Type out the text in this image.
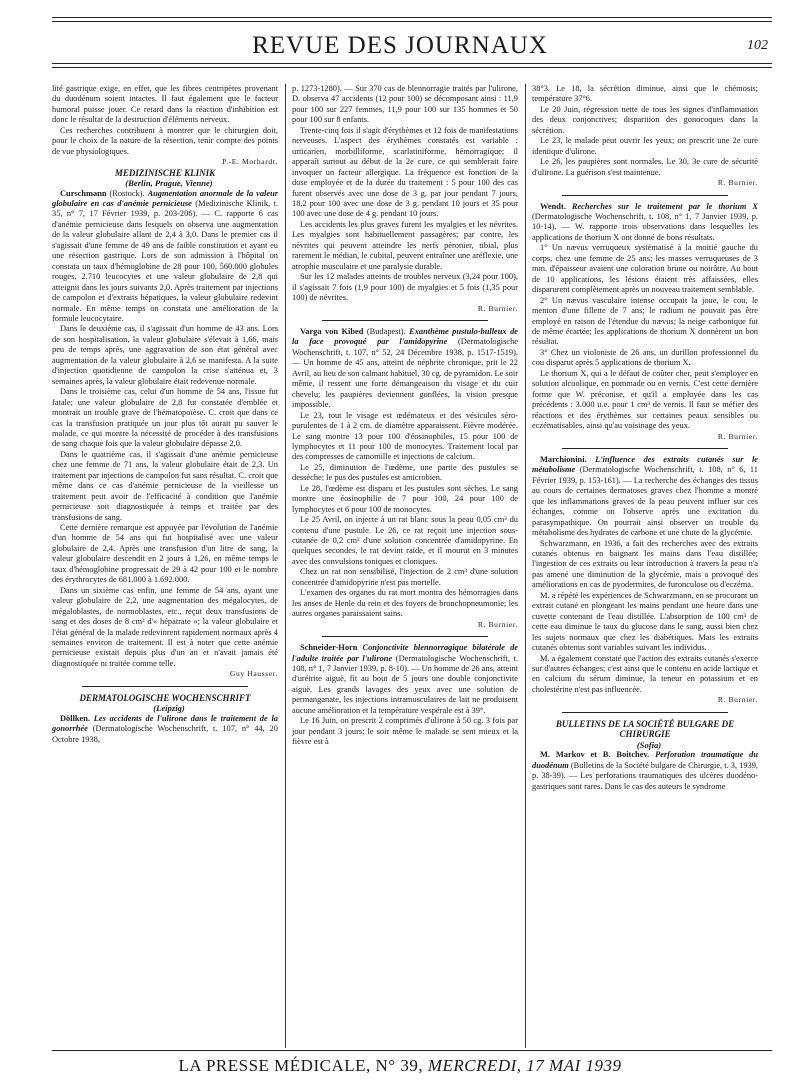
REVUE DES JOURNAUX	102

lité gastrique exige, en effet, que les fibres centripètes provenant du duodénum soient intactes. Il faut également que le facteur humoral puisse jouer. Ce retard dans la réaction d'inhibition est donc le résultat de la destruction d'éléments nerveux.

Ces recherches contribuent à montrer que le chirurgien doit, pour le choix de la nature de la résection, tenir compte des points de vue physiologiques.

P.-E. Morhardt.

MEDIZINISCHE KLINIK

(Berlin, Prague, Vienne)

Curschmann (Rostock). Augmentation anormale de la valeur globulaire en cas d'anémie pernicieuse (Medizinische Klinik, t. 35, n° 7, 17 Février 1939, p. 203-206). — C. rapporte 6 cas d'anémie pernicieuse dans lesquels on observa une augmentation de la valeur globulaire allant de 2,4 à 3,0. Dans le premier cas il s'agissait d'une femme de 49 ans de faible constitution et ayant eu une résection gastrique. Lors de son admission à l'hôpital on constata un taux d'hémoglobine de 28 pour 100, 560.000 globules rouges, 2.710 leucocytes et une valeur globulaire de 2,8 qui atteignit dans les jours suivants 2,0. Après traitement par injections de campolon et d'extraits hépatiques, la valeur globulaire redevint normale. En même temps on constata une amélioration de la formule leucocytaire.

Dans le deuxième cas, il s'agissait d'un homme de 43 ans. Lors de son hospitalisation, la valeur globulaire s'élevait à 1,66, mais peu de temps après, une aggravation de son état général avec augmentation de la valeur globulaire à 2,6 se manifesta. A la suite d'injection quotidienne de campolon la crise s'atténua et, 3 semaines après, la valeur globulaire était redevenue normale.

Dans le troisième cas, celui d'un homme de 54 ans, l'issue fut fatale; une valeur globulaire de 2,8 fut constatée d'emblée et montrait un trouble grave de l'hématopoïèse. C. croit que dans ce cas la transfusion pratiquée un jour plus tôt aurait pu sauver le malade, ce qui montre la nécessité de procéder à des transfusions de sang chaque fois que la valeur globulaire dépasse 2,0.

Dans le quatrième cas, il s'agissait d'une anémie pernicieuse chez une femme de 71 ans, la valeur globulaire était de 2,3. Un traitement par injections de campolon fut sans résultat. C. croit que même dans ce cas d'anémie pernicieuse de la vieillesse un traitement peut avoir de l'efficacité à condition que l'anémie pernicieuse soit diagnostiquée à temps et traitée par des transfusions de sang.

Cette dernière remarque est appuyée par l'évolution de l'anémie d'un homme de 54 ans qui fut hospitalisé avec une valeur globulaire de 2,4. Après une transfusion d'un litre de sang, la valeur globulaire descendit en 2 jours à 1,26, en même temps le taux d'hémoglobine progressait de 29 à 42 pour 100 et le nombre des érythrocytes de 681.000 à 1.692.000.

Dans un sixième cas enfin, une femme de 54 ans, ayant une valeur globulaire de 2,2, une augmentation des mégalocytes, de mégaloblastes, de normoblastes, etc., reçut deux transfusions de sang et des doses de 8 cm³ d'« hépatrate »; la valeur globulaire et l'état général de la malade redevinrent rapidement normaux après 4 semaines environ de traitement. Il est à noter que cette anémie pernicieuse existait depuis plus d'un an et n'avait jamais été diagnostiquée ni traitée comme telle.

Guy Hausser.

DERMATOLOGISCHE WOCHENSCHRIFT

(Leipzig)

Döllken. Les accidents de l'ulirone dans le traitement de la gonorrhée (Dermatologische Wochenschrift, t. 107, n° 44, 20 Octobre 1938,

p. 1273-1280). — Sur 370 cas de blennorragie traités par l'ulirone, D. observa 47 accidents (12 pour 100) se décomposant ainsi : 11,9 pour 100 sur 227 femmes, 11,9 pour 100 sur 135 hommes et 50 pour 100 sur 8 enfants.

Trente-cinq fois il s'agit d'érythèmes et 12 fois de manifestations nerveuses. L'aspect des érythèmes constatés est variable : urticarien, morbilliforme, scarlatiniforme, hémorragique; il apparaît surtout au début de la 2e cure, ce qui semblerait faire invoquer un facteur allergique. La fréquence est fonction de la dose employée et de la durée du traitement : 5 pour 100 des cas furent observés avec une dose de 3 g. par jour pendant 7 jours, 18,2 pour 100 avec une dose de 3 g. pendant 10 jours et 35 pour 100 avec une dose de 4 g. pendant 10 jours.

Les accidents les plus graves furent les myalgies et les névrites. Les myalgies sont habituellement passagères; par contre, les névrites qui peuvent atteindre les nerfs péronier, tibial, plus rarement le médian, le cubital, peuvent entraîner une aréflexie, une atrophie musculaire et une paralysie durable.

Sur les 12 malades atteints de troubles nerveux (3,24 pour 100), il s'agissait 7 fois (1,9 pour 100) de myalgies et 5 fois (1,35 pour 100) de névrites.

R. Burnier.

Varga von Kibed (Budapest). Exanthème pustulo-bulleux de la face provoqué par l'amidopyrine (Dermatologische Wochenschrift, t. 107, n° 52, 24 Décembre 1938, p. 1517-1519). — Un homme de 45 ans, atteint de néphrite chronique, prit le 22 Avril, au lieu de son calmant habituel, 30 cg. de pyramidon. Le soir même, il ressent une forte démangeaison du visage et du cuir chevelu; les paupières deviennent gonflées, la vision presque impossible.

Le 23, tout le visage est œdémateux et des vésicules séro-purulentes de 1 à 2 cm. de diamètre apparaissent. Fièvre modérée. Le sang montre 13 pour 100 d'éosinophiles, 15 pour 100 de lymphocytes et 11 pour 100 de monocytes. Traitement local par des compresses de camomille et injections de calcium.

Le 25, diminution de l'œdème, une partie des pustules se dessèche; le pus des pustules est amicrobien.

Le 28, l'œdème est disparu et les pustules sont sèches. Le sang montre une éosinophilie de 7 pour 100, 24 pour 100 de lymphocytes et 6 pour 100 de monocytes.

Le 25 Avril, on injecte à un rat blanc sous la peau 0,05 cm³ du contenu d'une pustule. Le 26, ce rat reçoit une injection sous-cutanée de 0,2 cm³ d'une solution concentrée d'amidopyrine. En quelques secondes, le rat devint raide, et il mourut en 3 minutes avec des convulsions toniques et cloniques.

Chez un rat non sensibilisé, l'injection de 2 cm³ d'une solution concentrée d'amidopyrine n'est pas mortelle.

L'examen des organes du rat mort montra des hémorragies dans les anses de Henle du rein et des foyers de bronchopneumonie; les autres organes paraissaient sains.

R. Burnier.

Schneider-Horn Conjonctivite blennorragique bilatérale de l'adulte traitée par l'ulirone (Dermatologische Wochenschrift, t. 108, n° 1, 7 Janvier 1939, p. 8-10). — Un homme de 26 ans, atteint d'urétrite aiguë, fit au bout de 5 jours une double conjonctivite aiguë. Les grands lavages des yeux avec une solution de permanganate, les injections intramusculaires de lait ne produisent aucune amélioration et la température vespérale est à 39°.

Le 16 Juin, on prescrit 2 comprimés d'ulirone à 50 cg. 3 fois par jour pendant 3 jours; le soir même le malade se sent mieux et la fièvre est à

38°3. Le 18, la sécrétion diminue, ainsi que le chémosis; température 37°6.

Le 20 Juin, régression nette de tous les signes d'inflammation des deux conjonctives; disparition des gonocoques dans la sécrétion.

Le 23, le malade peut ouvrir les yeux; on prescrit une 2e cure identique d'ulirone.

Le 26, les paupières sont normales. Le 30, 3e cure de sécurité d'ulirone. La guérison s'est maintenue.

R. Burnier.

Wendt. Recherches sur le traitement par le thorium X (Dermatologische Wochenschrift, t. 108, n° 1, 7 Janvier 1939, p. 10-14). — W. rapporte trois observations dans lesquelles les applications de thorium X ont donné de bons résultats.

1° Un nævus verruqueux systématisé à la moitié gauche du corps, chez une femme de 25 ans; les masses verruqueuses de 3 mm. d'épaisseur avaient une coloration brune ou noirâtre. Au bout de 10 applications, les lésions étaient très affaissées, elles disparurent complètement après un nouveau traitement semblable.

2° Un nævus vasculaire intense occupait la joue, le cou, le menton d'une fillette de 7 ans; le radium ne pouvait pas être employé en raison de l'étendue du nævus; la neige carbonique fut de même écartée; les applications de thorium X donnèrent un bon résultat.

3° Chez un violoniste de 26 ans, un durillon professionnel du cou disparut après 5 applications de thorium X.

Le thorium X, qui a le défaut de coûter cher, peut s'employer en solution alcoolique, en pommade ou en vernis. C'est cette dernière forme que W. préconise, et qu'il a employée dans les cas précédents : 3.000 u.e. pour 1 cm³ de vernis. Il faut se méfier des réactions et des érythèmes sur certaines peaux sensibles ou eczématisables, ainsi qu'au voisinage des yeux.

R. Burnier.

Marchionini. L'influence des extraits cutanés sur le métabolisme (Dermatologische Wochenschrift, t. 108, n° 6, 11 Février 1939, p. 153-161). — La recherche des échanges des tissus au cours de certaines dermatoses graves chez l'homme a montré que les inflammations graves de la peau peuvent influer sur ces échanges, comme on l'observe après une excitation du parasympathique. On pourrait ainsi observer un trouble du métabolisme des hydrates de carbone et une chute de la glycémie.

Schwarzmann, en 1936, a fait des recherches avec des extraits cutanés obtenus en baignant les mains dans l'eau distillée; l'ingestion de ces extraits ou leur introduction à travers la peau n'a pas amené une diminution de la glycémie, mais a provoqué des améliorations en cas de pyodermites, de furonculose ou d'eczéma.

M. a répété les expériences de Schwarzmann, en se procurant un extrait cutané en plongeant les mains pendant une heure dans une cuvette contenant de l'eau distillée. L'absorption de 100 cm³ de cette eau diminue le taux du glucose dans le sang, aussi bien chez les sujets normaux que chez les diabétiques. Mais les extraits cutanés obtenus sont variables suivant les individus.

M. a également constaté que l'action des extraits cutanés s'exerce sur d'autres échanges; c'est ainsi que le contenu en acide lactique et en calcium du sérum diminue, la teneur en potassium et en cholestérine n'est pas influencée.

R. Burnier.

BULLETINS DE LA SOCIÉTÉ BULGARE DE CHIRURGIE

(Sofia)

M. Markov et B. Boitchev. Perforation traumatique du duodénum (Bulletins de la Société bulgare de Chirurgie, t. 3, 1939, p. 38-39). — Les perforations traumatiques des ulcères duodéno-gastriques sont rares. Dans le cas des auteurs le syndrome

LA PRESSE MÉDICALE, N° 39, MERCREDI, 17 MAI 1939
